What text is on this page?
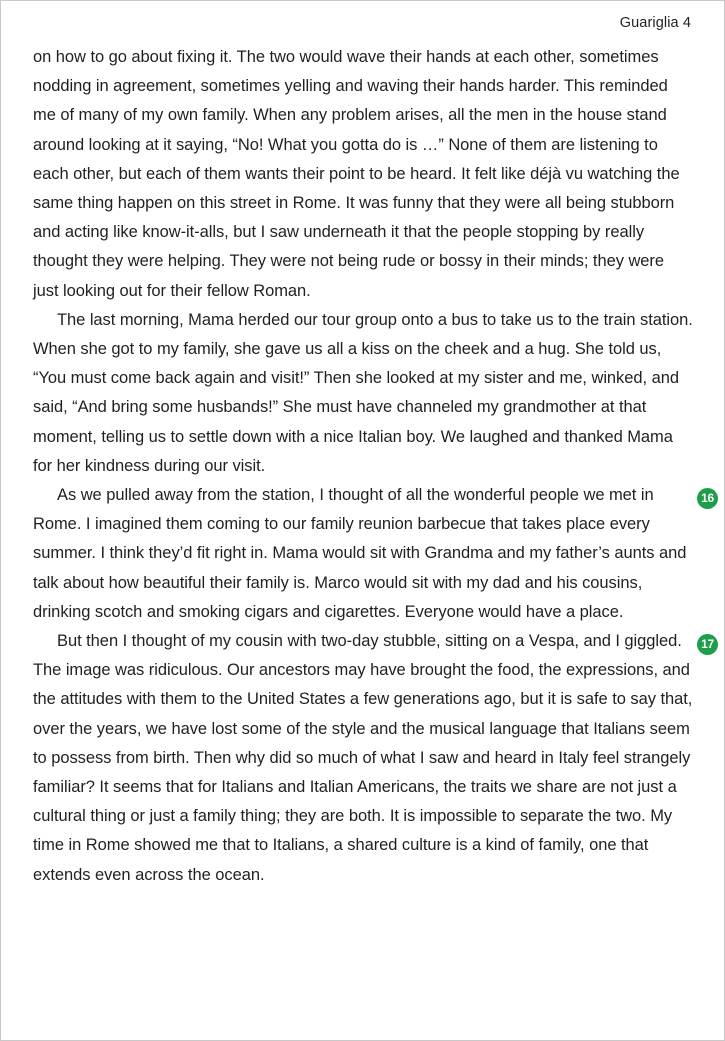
Guariglia 4

on how to go about fixing it. The two would wave their hands at each other, sometimes nodding in agreement, sometimes yelling and waving their hands harder. This reminded me of many of my own family. When any problem arises, all the men in the house stand around looking at it saying, “No! What you gotta do is …” None of them are listening to each other, but each of them wants their point to be heard. It felt like déjà vu watching the same thing happen on this street in Rome. It was funny that they were all being stubborn and acting like know-it-alls, but I saw underneath it that the people stopping by really thought they were helping. They were not being rude or bossy in their minds; they were just looking out for their fellow Roman.

The last morning, Mama herded our tour group onto a bus to take us to the train station. When she got to my family, she gave us all a kiss on the cheek and a hug. She told us, “You must come back again and visit!” Then she looked at my sister and me, winked, and said, “And bring some husbands!” She must have channeled my grandmother at that moment, telling us to settle down with a nice Italian boy. We laughed and thanked Mama for her kindness during our visit.

As we pulled away from the station, I thought of all the wonderful people we met in Rome. I imagined them coming to our family reunion barbecue that takes place every summer. I think they’d fit right in. Mama would sit with Grandma and my father’s aunts and talk about how beautiful their family is. Marco would sit with my dad and his cousins, drinking scotch and smoking cigars and cigarettes. Everyone would have a place.

16

But then I thought of my cousin with two-day stubble, sitting on a Vespa, and I giggled. The image was ridiculous. Our ancestors may have brought the food, the expressions, and the attitudes with them to the United States a few generations ago, but it is safe to say that, over the years, we have lost some of the style and the musical language that Italians seem to possess from birth. Then why did so much of what I saw and heard in Italy feel strangely familiar? It seems that for Italians and Italian Americans, the traits we share are not just a cultural thing or just a family thing; they are both. It is impossible to separate the two. My time in Rome showed me that to Italians, a shared culture is a kind of family, one that extends even across the ocean.

17
